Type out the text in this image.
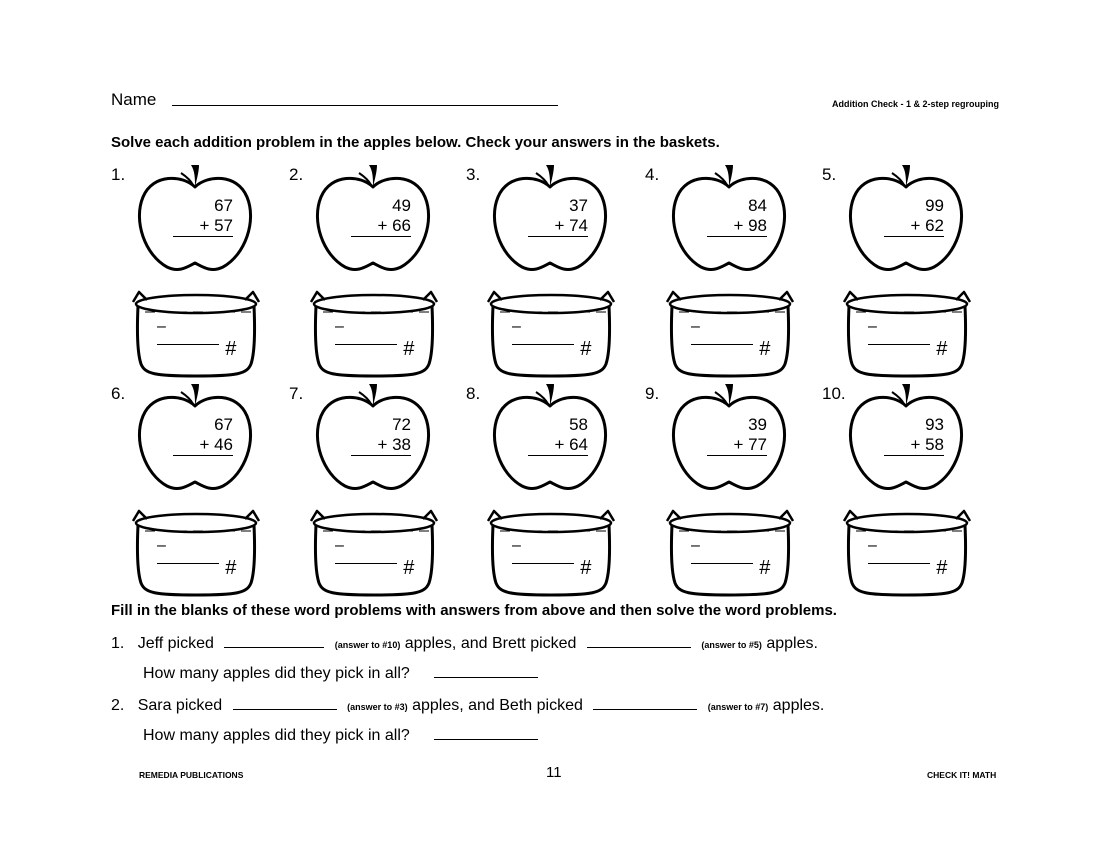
Name	Addition Check - 1 & 2-step regrouping
Solve each addition problem in the apples below. Check your answers in the baskets.
1.
67
+ 57
–
#
2.
49
+ 66
–
#
3.
37
+ 74
–
#
4.
84
+ 98
–
#
5.
99
+ 62
–
#
6.
67
+ 46
–
#
7.
72
+ 38
–
#
8.
58
+ 64
–
#
9.
39
+ 77
–
#
10.
93
+ 58
–
#
Fill in the blanks of these word problems with answers from above and then solve the word problems.
1. Jeff picked	(answer to #10) apples, and Brett picked	(answer to #5) apples.
How many apples did they pick in all?
2. Sara picked	(answer to #3) apples, and Beth picked	(answer to #7) apples.
How many apples did they pick in all?
REMEDIA PUBLICATIONS	11	CHECK IT! MATH
